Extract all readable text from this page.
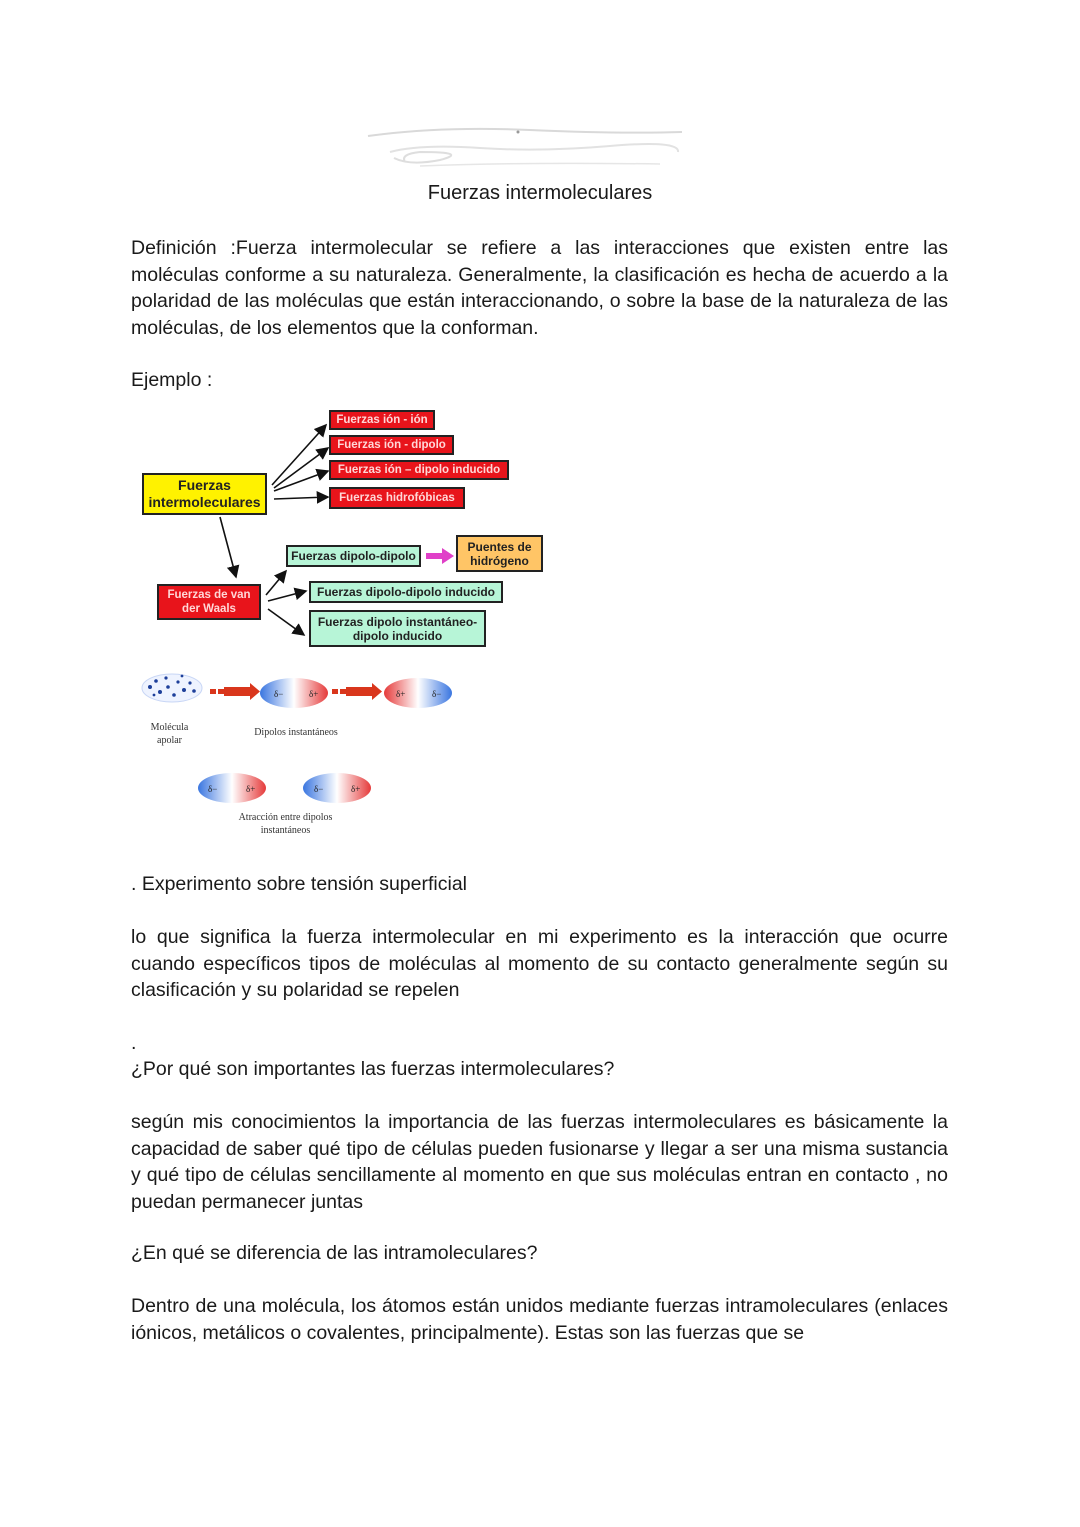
Fuerzas intermoleculares
Definición :Fuerza intermolecular se refiere a las interacciones que existen entre las moléculas conforme a su naturaleza. Generalmente, la clasificación es hecha de acuerdo a la polaridad de las moléculas que están interaccionando, o sobre la base de la naturaleza de las moléculas, de los elementos que la conforman.
Ejemplo :
Fuerzas intermoleculares
Fuerzas ión - ión
Fuerzas ión - dipolo
Fuerzas ión – dipolo inducido
Fuerzas hidrofóbicas
Fuerzas de van der Waals
Fuerzas dipolo-dipolo
Puentes de hidrógeno
Fuerzas dipolo-dipolo inducido
Fuerzas dipolo instantáneo- dipolo inducido
δ−	δ+	δ+	δ−
δ−	δ+	δ−	δ+
Molécula apolar
Dipolos instantáneos
Atracción entre dipolos instantáneos
. Experimento sobre tensión superficial
lo que significa la fuerza intermolecular en mi experimento es la interacción que ocurre cuando específicos tipos de moléculas al momento de su contacto generalmente según su clasificación y su polaridad se repelen
.
¿Por qué son importantes las fuerzas intermoleculares?
según mis conocimientos la importancia de las fuerzas intermoleculares es básicamente la capacidad de saber qué tipo de células pueden fusionarse y llegar a ser una misma sustancia y qué tipo de células sencillamente al momento en que sus moléculas entran en contacto , no puedan permanecer juntas
¿En qué se diferencia de las intramoleculares?
Dentro de una molécula, los átomos están unidos mediante fuerzas intramoleculares (enlaces iónicos, metálicos o covalentes, principalmente). Estas son las fuerzas que se
